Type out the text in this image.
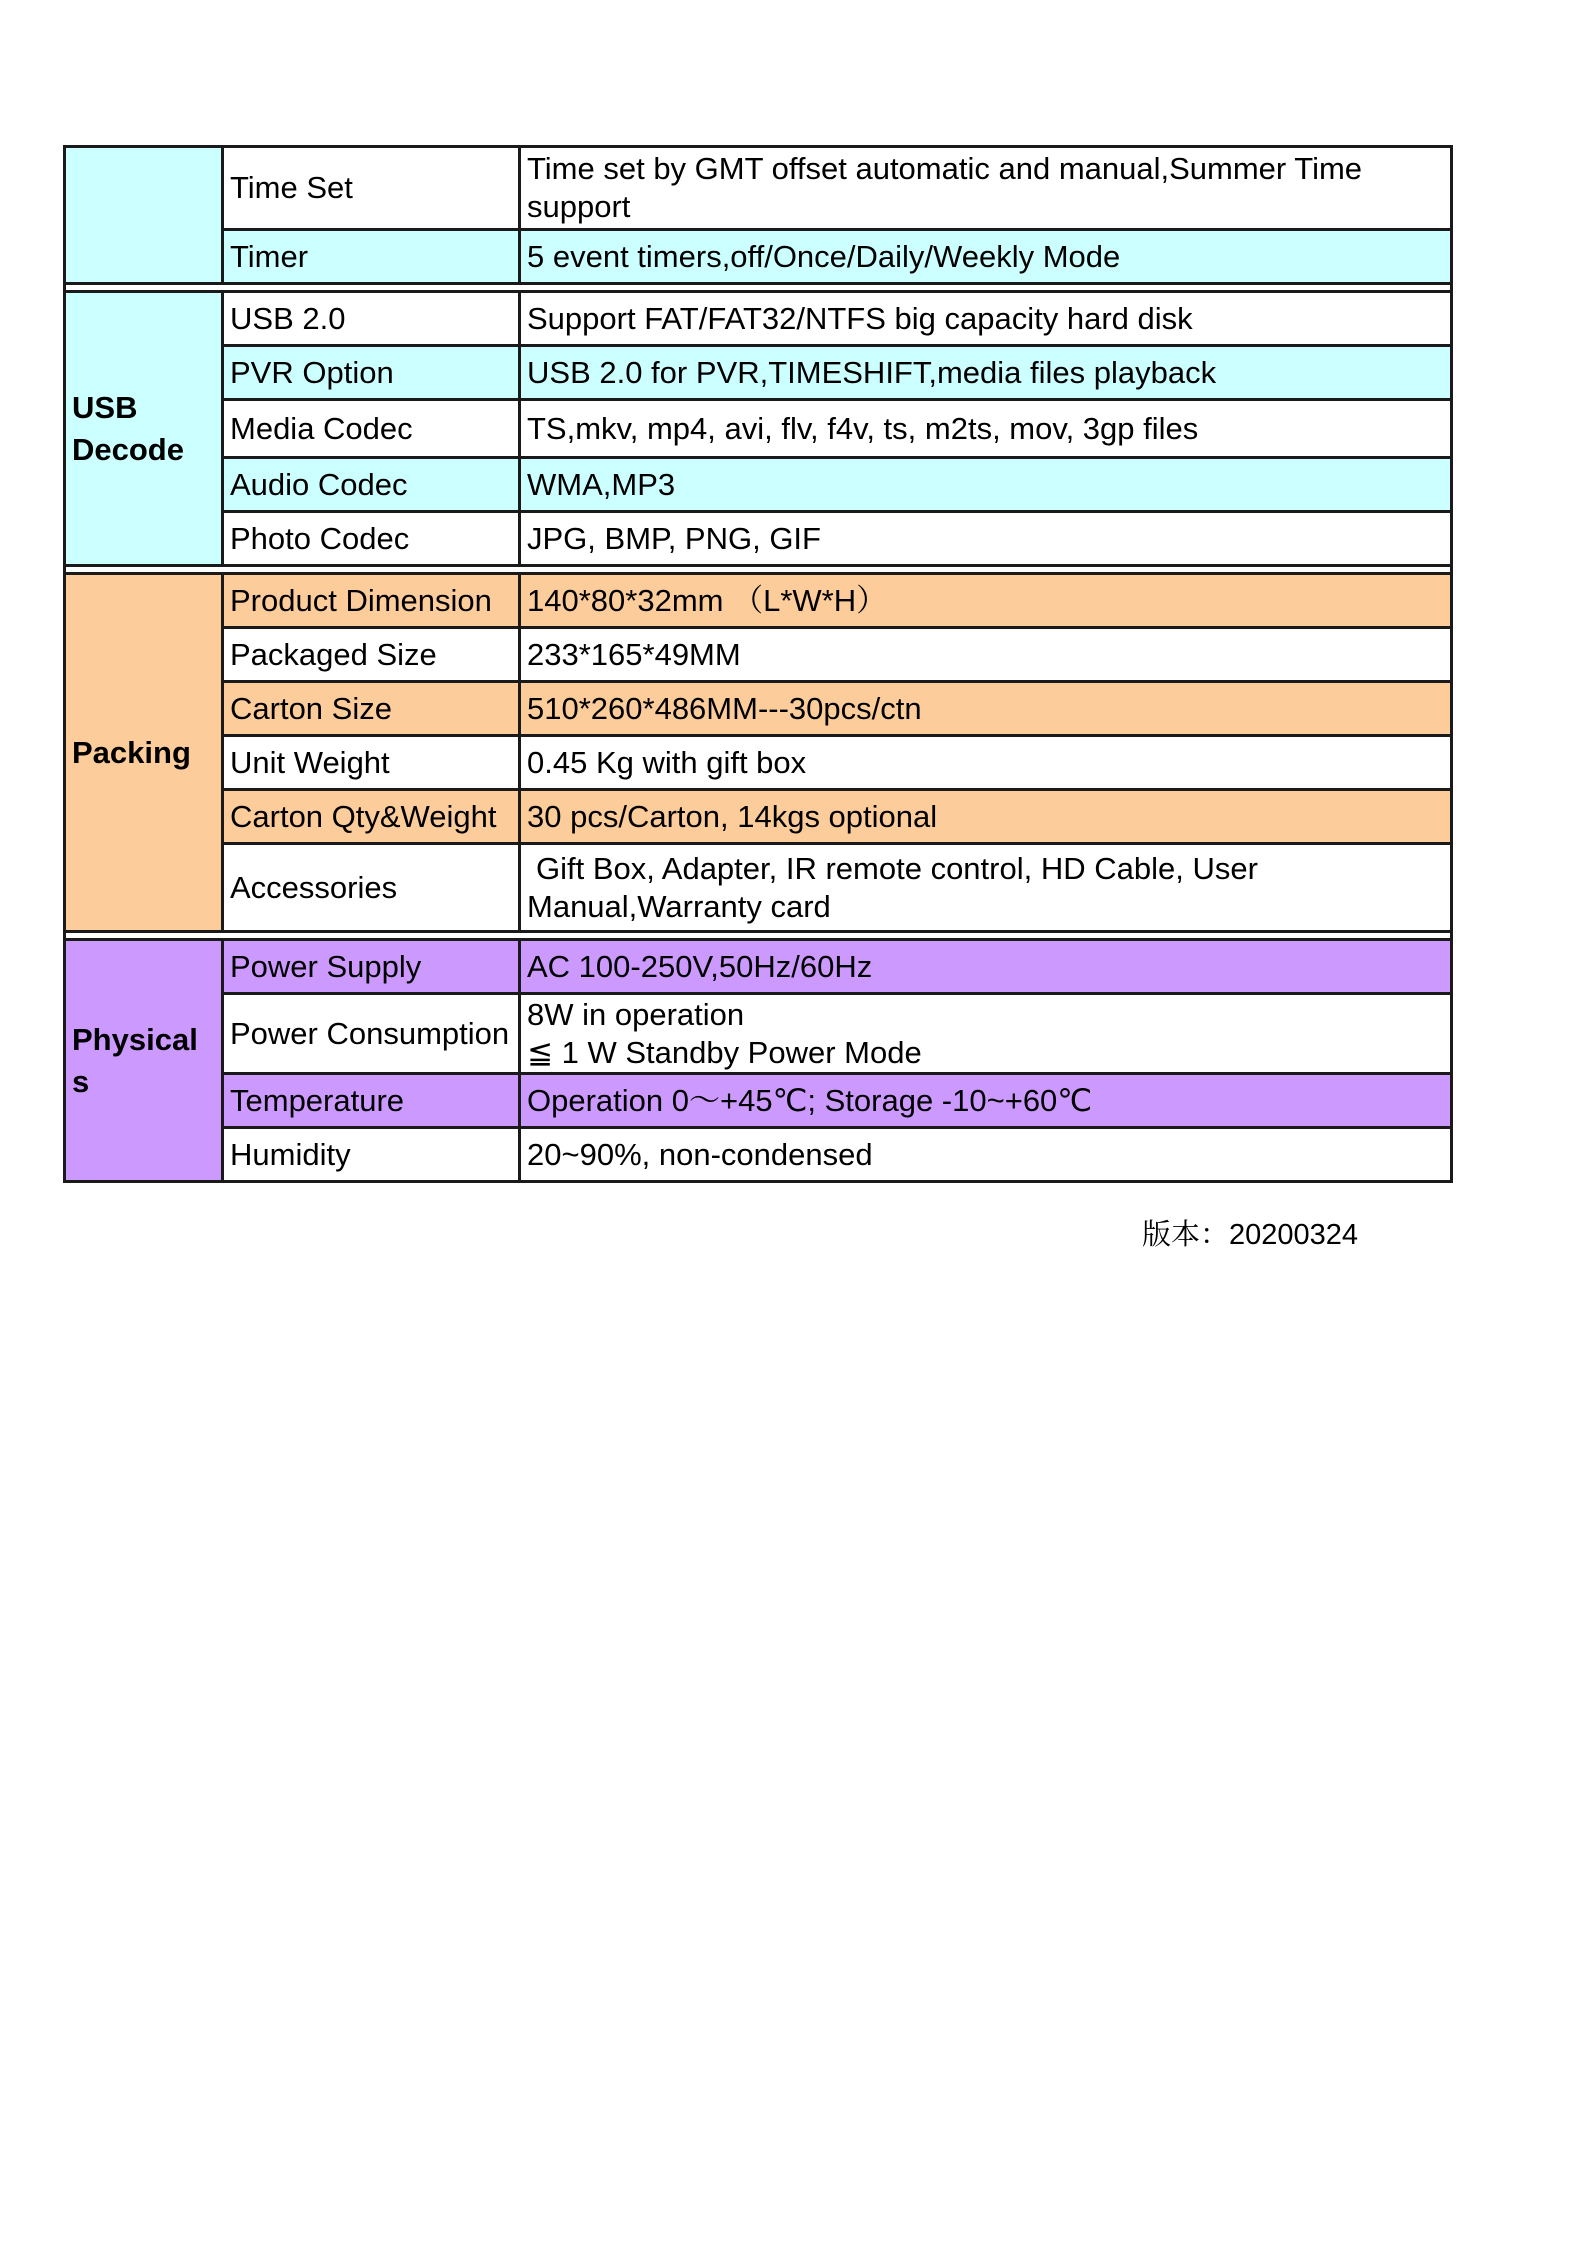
	Time Set	Time set by GMT offset automatic and manual,Summer Time support
	Timer	5 event timers,off/Once/Daily/Weekly Mode

USB Decode	USB 2.0	Support FAT/FAT32/NTFS big capacity hard disk
	PVR Option	USB 2.0 for PVR,TIMESHIFT,media files playback
	Media Codec	TS,mkv, mp4, avi, flv, f4v, ts, m2ts, mov, 3gp files
	Audio Codec	WMA,MP3
	Photo Codec	JPG, BMP, PNG, GIF

Packing	Product Dimension	140*80*32mm （L*W*H）
	Packaged Size	233*165*49MM
	Carton Size	510*260*486MM---30pcs/ctn
	Unit Weight	0.45 Kg with gift box
	Carton Qty&Weight	30 pcs/Carton, 14kgs optional
	Accessories	Gift Box, Adapter, IR remote control, HD Cable, User Manual,Warranty card

Physicals	Power Supply	AC 100-250V,50Hz/60Hz
	Power Consumption	8W in operation
≦ 1 W Standby Power Mode

	Temperature	Operation 0～+45℃; Storage -10~+60℃
	Humidity	20~90%, non-condensed
版本：20200324
